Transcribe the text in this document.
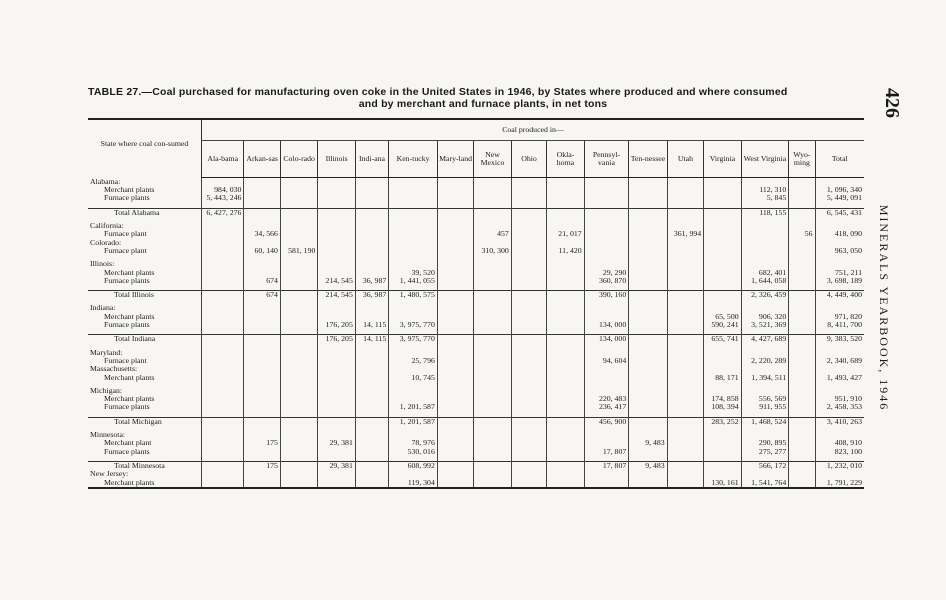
TABLE 27.—Coal purchased for manufacturing oven coke in the United States in 1946, by States where produced and where consumed
and by merchant and furnace plants, in net tons	426
MINERALS YEARBOOK, 1946
State where coal con-sumed	Coal produced in—																
	Ala-bama	Arkan-sas	Colo-rado	Illinois	Indi-ana	Ken-tucky	Mary-land	New Mexico	Ohio	Okla-homa	Pennsyl-vania	Ten-nessee	Utah	Virginia	West Virginia	Wyo-ming	Total
Alabama:																	
Merchant plants	984, 030														112, 310		1, 096, 340
Furnace plants	5, 443, 246														5, 845		5, 449, 091

Total Alabama	6, 427, 276														118, 155		6, 545, 431

California:																	
Furnace plant		34, 566						457		21, 017			361, 994			56	418, 090
Colorado:																	
Furnace plant		60, 140	581, 190					310, 300		11, 420							963, 050

Illinois:																	
Merchant plants						39, 520					29, 290				682, 401		751, 211
Furnace plants		674		214, 545	36, 987	1, 441, 055					360, 870				1, 644, 058		3, 698, 189

Total Illinois		674		214, 545	36, 987	1, 480, 575					390, 160				2, 326, 459		4, 449, 400

Indiana:																	
Merchant plants														65, 500	906, 320		971, 820
Furnace plants				176, 205	14, 115	3, 975, 770					134, 000			590, 241	3, 521, 369		8, 411, 700

Total Indiana				176, 205	14, 115	3, 975, 770					134, 000			655, 741	4, 427, 689		9, 383, 520

Maryland:																	
Furnace plant						25, 796					94, 604				2, 220, 289		2, 340, 689
Massachusetts:																	
Merchant plants						10, 745								88, 171	1, 394, 511		1, 493, 427

Michigan:																	
Merchant plants											220, 483			174, 858	556, 569		951, 910
Furnace plants						1, 201, 587					236, 417			108, 394	911, 955		2, 458, 353

Total Michigan						1, 201, 587					456, 900			283, 252	1, 468, 524		3, 410, 263

Minnesota:																	
Merchant plant		175		29, 381		78, 976						9, 483			290, 895		408, 910
Furnace plants						530, 016					17, 807				275, 277		823, 100

Total Minnesota		175		29, 381		608, 992					17, 807	9, 483			566, 172		1, 232, 010
New Jersey:																	
Merchant plants						119, 304								130, 161	1, 541, 764		1, 791, 229
